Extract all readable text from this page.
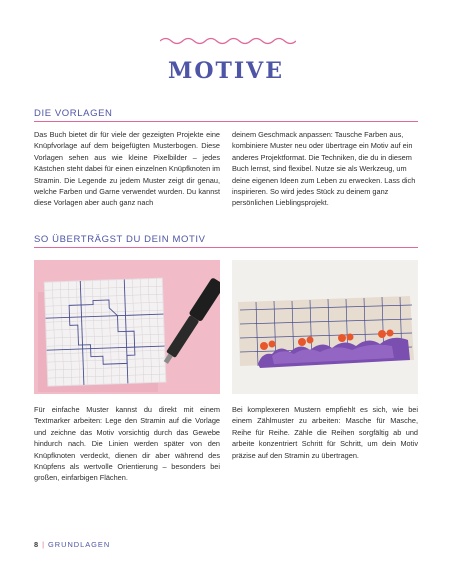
MOTIVE
DIE VORLAGEN

Das Buch bietet dir für viele der gezeigten Projekte eine Knüpfvorlage auf dem beigefügten Musterbogen. Diese Vorlagen sehen aus wie kleine Pixelbilder – jedes Kästchen steht dabei für einen einzelnen Knüpfknoten im Stramin. Die Legende zu jedem Muster zeigt dir genau, welche Farben und Garne verwendet wurden. Du kannst diese Vorlagen aber auch ganz nach

deinem Geschmack anpassen: Tausche Farben aus, kombiniere Muster neu oder übertrage ein Motiv auf ein anderes Projektformat. Die Techniken, die du in diesem Buch lernst, sind flexibel. Nutze sie als Werkzeug, um deine eigenen Ideen zum Leben zu erwecken. Lass dich inspirieren. So wird jedes Stück zu deinem ganz persönlichen Lieblingsprojekt.

SO ÜBERTRÄGST DU DEIN MOTIV

Für einfache Muster kannst du direkt mit einem Textmarker arbeiten: Lege den Stramin auf die Vorlage und zeichne das Motiv vorsichtig durch das Gewebe hindurch nach. Die Linien werden später von den Knüpfknoten verdeckt, dienen dir aber während des Knüpfens als wertvolle Orientierung – besonders bei großen, einfarbigen Flächen.

Bei komplexeren Mustern empfiehlt es sich, wie bei einem Zählmuster zu arbeiten: Masche für Masche, Reihe für Reihe. Zähle die Reihen sorgfältig ab und arbeite konzentriert Schritt für Schritt, um dein Motiv präzise auf den Stramin zu übertragen.

8 | GRUNDLAGEN
